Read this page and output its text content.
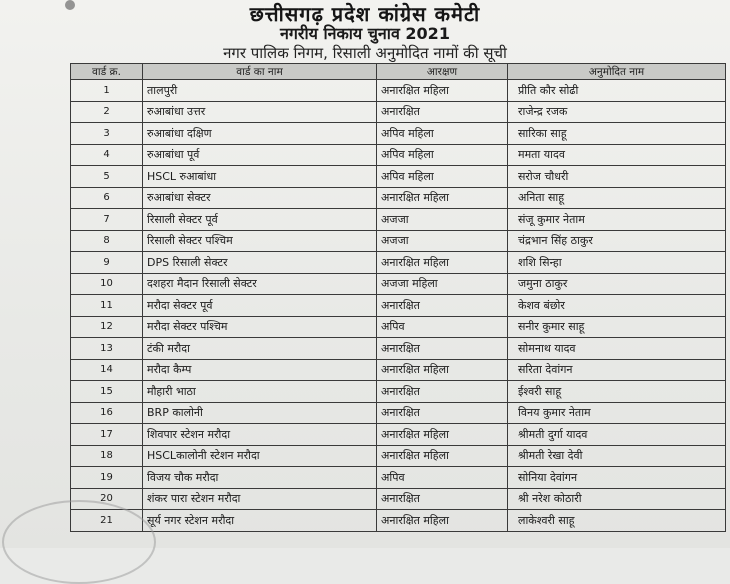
छत्तीसगढ़ प्रदेश कांग्रेस कमेटी
नगरीय निकाय चुनाव 2021
नगर पालिक निगम, रिसाली अनुमोदित नामों की सूची
वार्ड क्र.	वार्ड का नाम	आरक्षण	अनुमोदित नाम
1	तालपुरी	अनारक्षित महिला	प्रीति कौर सोढी
2	रुआबांधा उत्तर	अनारक्षित	राजेन्द्र रजक
3	रुआबांधा दक्षिण	अपिव महिला	सारिका साहू
4	रुआबांधा पूर्व	अपिव महिला	ममता यादव
5	HSCL रुआबांधा	अपिव महिला	सरोज चौधरी
6	रुआबांधा सेक्टर	अनारक्षित महिला	अनिता साहू
7	रिसाली सेक्टर पूर्व	अजजा	संजू कुमार नेताम
8	रिसाली सेक्टर पश्चिम	अजजा	चंद्रभान सिंह ठाकुर
9	DPS रिसाली सेक्टर	अनारक्षित महिला	शशि सिन्हा
10	दशहरा मैदान रिसाली सेक्टर	अजजा महिला	जमुना ठाकुर
11	मरौदा सेक्टर पूर्व	अनारक्षित	केशव बंछोर
12	मरौदा सेक्टर पश्चिम	अपिव	सनीर कुमार साहू
13	टंकी मरौदा	अनारक्षित	सोमनाथ यादव
14	मरौदा कैम्प	अनारक्षित महिला	सरिता देवांगन
15	मौहारी भाठा	अनारक्षित	ईश्वरी साहू
16	BRP कालोनी	अनारक्षित	विनय कुमार नेताम
17	शिवपार स्टेशन मरौदा	अनारक्षित महिला	श्रीमती दुर्गा यादव
18	HSCLकालोनी स्टेशन मरौदा	अनारक्षित महिला	श्रीमती रेखा देवी
19	विजय चौक मरौदा	अपिव	सोनिया देवांगन
20	शंकर पारा स्टेशन मरौदा	अनारक्षित	श्री नरेश कोठारी
21	सूर्य नगर स्टेशन मरौदा	अनारक्षित महिला	लाकेश्वरी साहू
